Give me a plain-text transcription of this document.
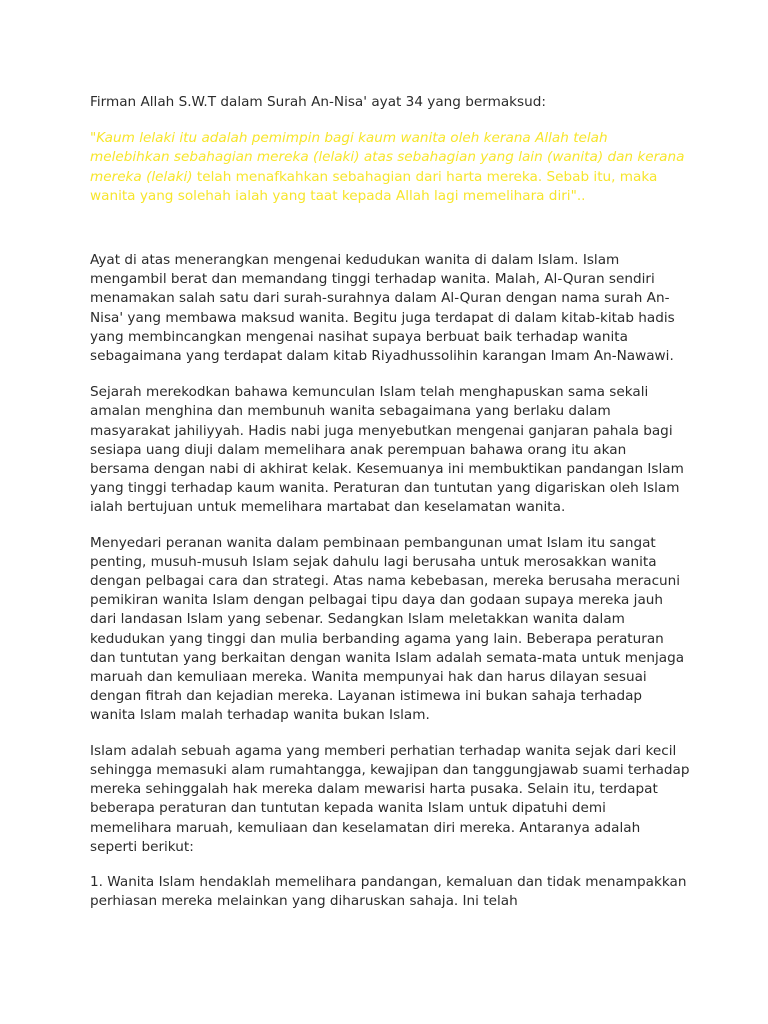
Firman Allah S.W.T dalam Surah An-Nisa' ayat 34 yang bermaksud:

"Kaum lelaki itu adalah pemimpin bagi kaum wanita oleh kerana Allah telah melebihkan sebahagian mereka (lelaki) atas sebahagian yang lain (wanita) dan kerana mereka (lelaki) telah menafkahkan sebahagian dari harta mereka. Sebab itu, maka wanita yang solehah ialah yang taat kepada Allah lagi memelihara diri"..

Ayat di atas menerangkan mengenai kedudukan wanita di dalam Islam. Islam mengambil berat dan memandang tinggi terhadap wanita. Malah, Al-Quran sendiri menamakan salah satu dari surah-surahnya dalam Al-Quran dengan nama surah An-Nisa' yang membawa maksud wanita. Begitu juga terdapat di dalam kitab-kitab hadis yang membincangkan mengenai nasihat supaya berbuat baik terhadap wanita sebagaimana yang terdapat dalam kitab Riyadhussolihin karangan Imam An-Nawawi.

Sejarah merekodkan bahawa kemunculan Islam telah menghapuskan sama sekali amalan menghina dan membunuh wanita sebagaimana yang berlaku dalam masyarakat jahiliyyah. Hadis nabi juga menyebutkan mengenai ganjaran pahala bagi sesiapa uang diuji dalam memelihara anak perempuan bahawa orang itu akan bersama dengan nabi di akhirat kelak. Kesemuanya ini membuktikan pandangan Islam yang tinggi terhadap kaum wanita. Peraturan dan tuntutan yang digariskan oleh Islam ialah bertujuan untuk memelihara martabat dan keselamatan wanita.

Menyedari peranan wanita dalam pembinaan pembangunan umat Islam itu sangat penting, musuh-musuh Islam sejak dahulu lagi berusaha untuk merosakkan wanita dengan pelbagai cara dan strategi. Atas nama kebebasan, mereka berusaha meracuni pemikiran wanita Islam dengan pelbagai tipu daya dan godaan supaya mereka jauh dari landasan Islam yang sebenar. Sedangkan Islam meletakkan wanita dalam kedudukan yang tinggi dan mulia berbanding agama yang lain. Beberapa peraturan dan tuntutan yang berkaitan dengan wanita Islam adalah semata-mata untuk menjaga maruah dan kemuliaan mereka. Wanita mempunyai hak dan harus dilayan sesuai dengan fitrah dan kejadian mereka. Layanan istimewa ini bukan sahaja terhadap wanita Islam malah terhadap wanita bukan Islam.

Islam adalah sebuah agama yang memberi perhatian terhadap wanita sejak dari kecil sehingga memasuki alam rumahtangga, kewajipan dan tanggungjawab suami terhadap mereka sehinggalah hak mereka dalam mewarisi harta pusaka. Selain itu, terdapat beberapa peraturan dan tuntutan kepada wanita Islam untuk dipatuhi demi memelihara maruah, kemuliaan dan keselamatan diri mereka. Antaranya adalah seperti berikut:

1. Wanita Islam hendaklah memelihara pandangan, kemaluan dan tidak menampakkan perhiasan mereka melainkan yang diharuskan sahaja. Ini telah
